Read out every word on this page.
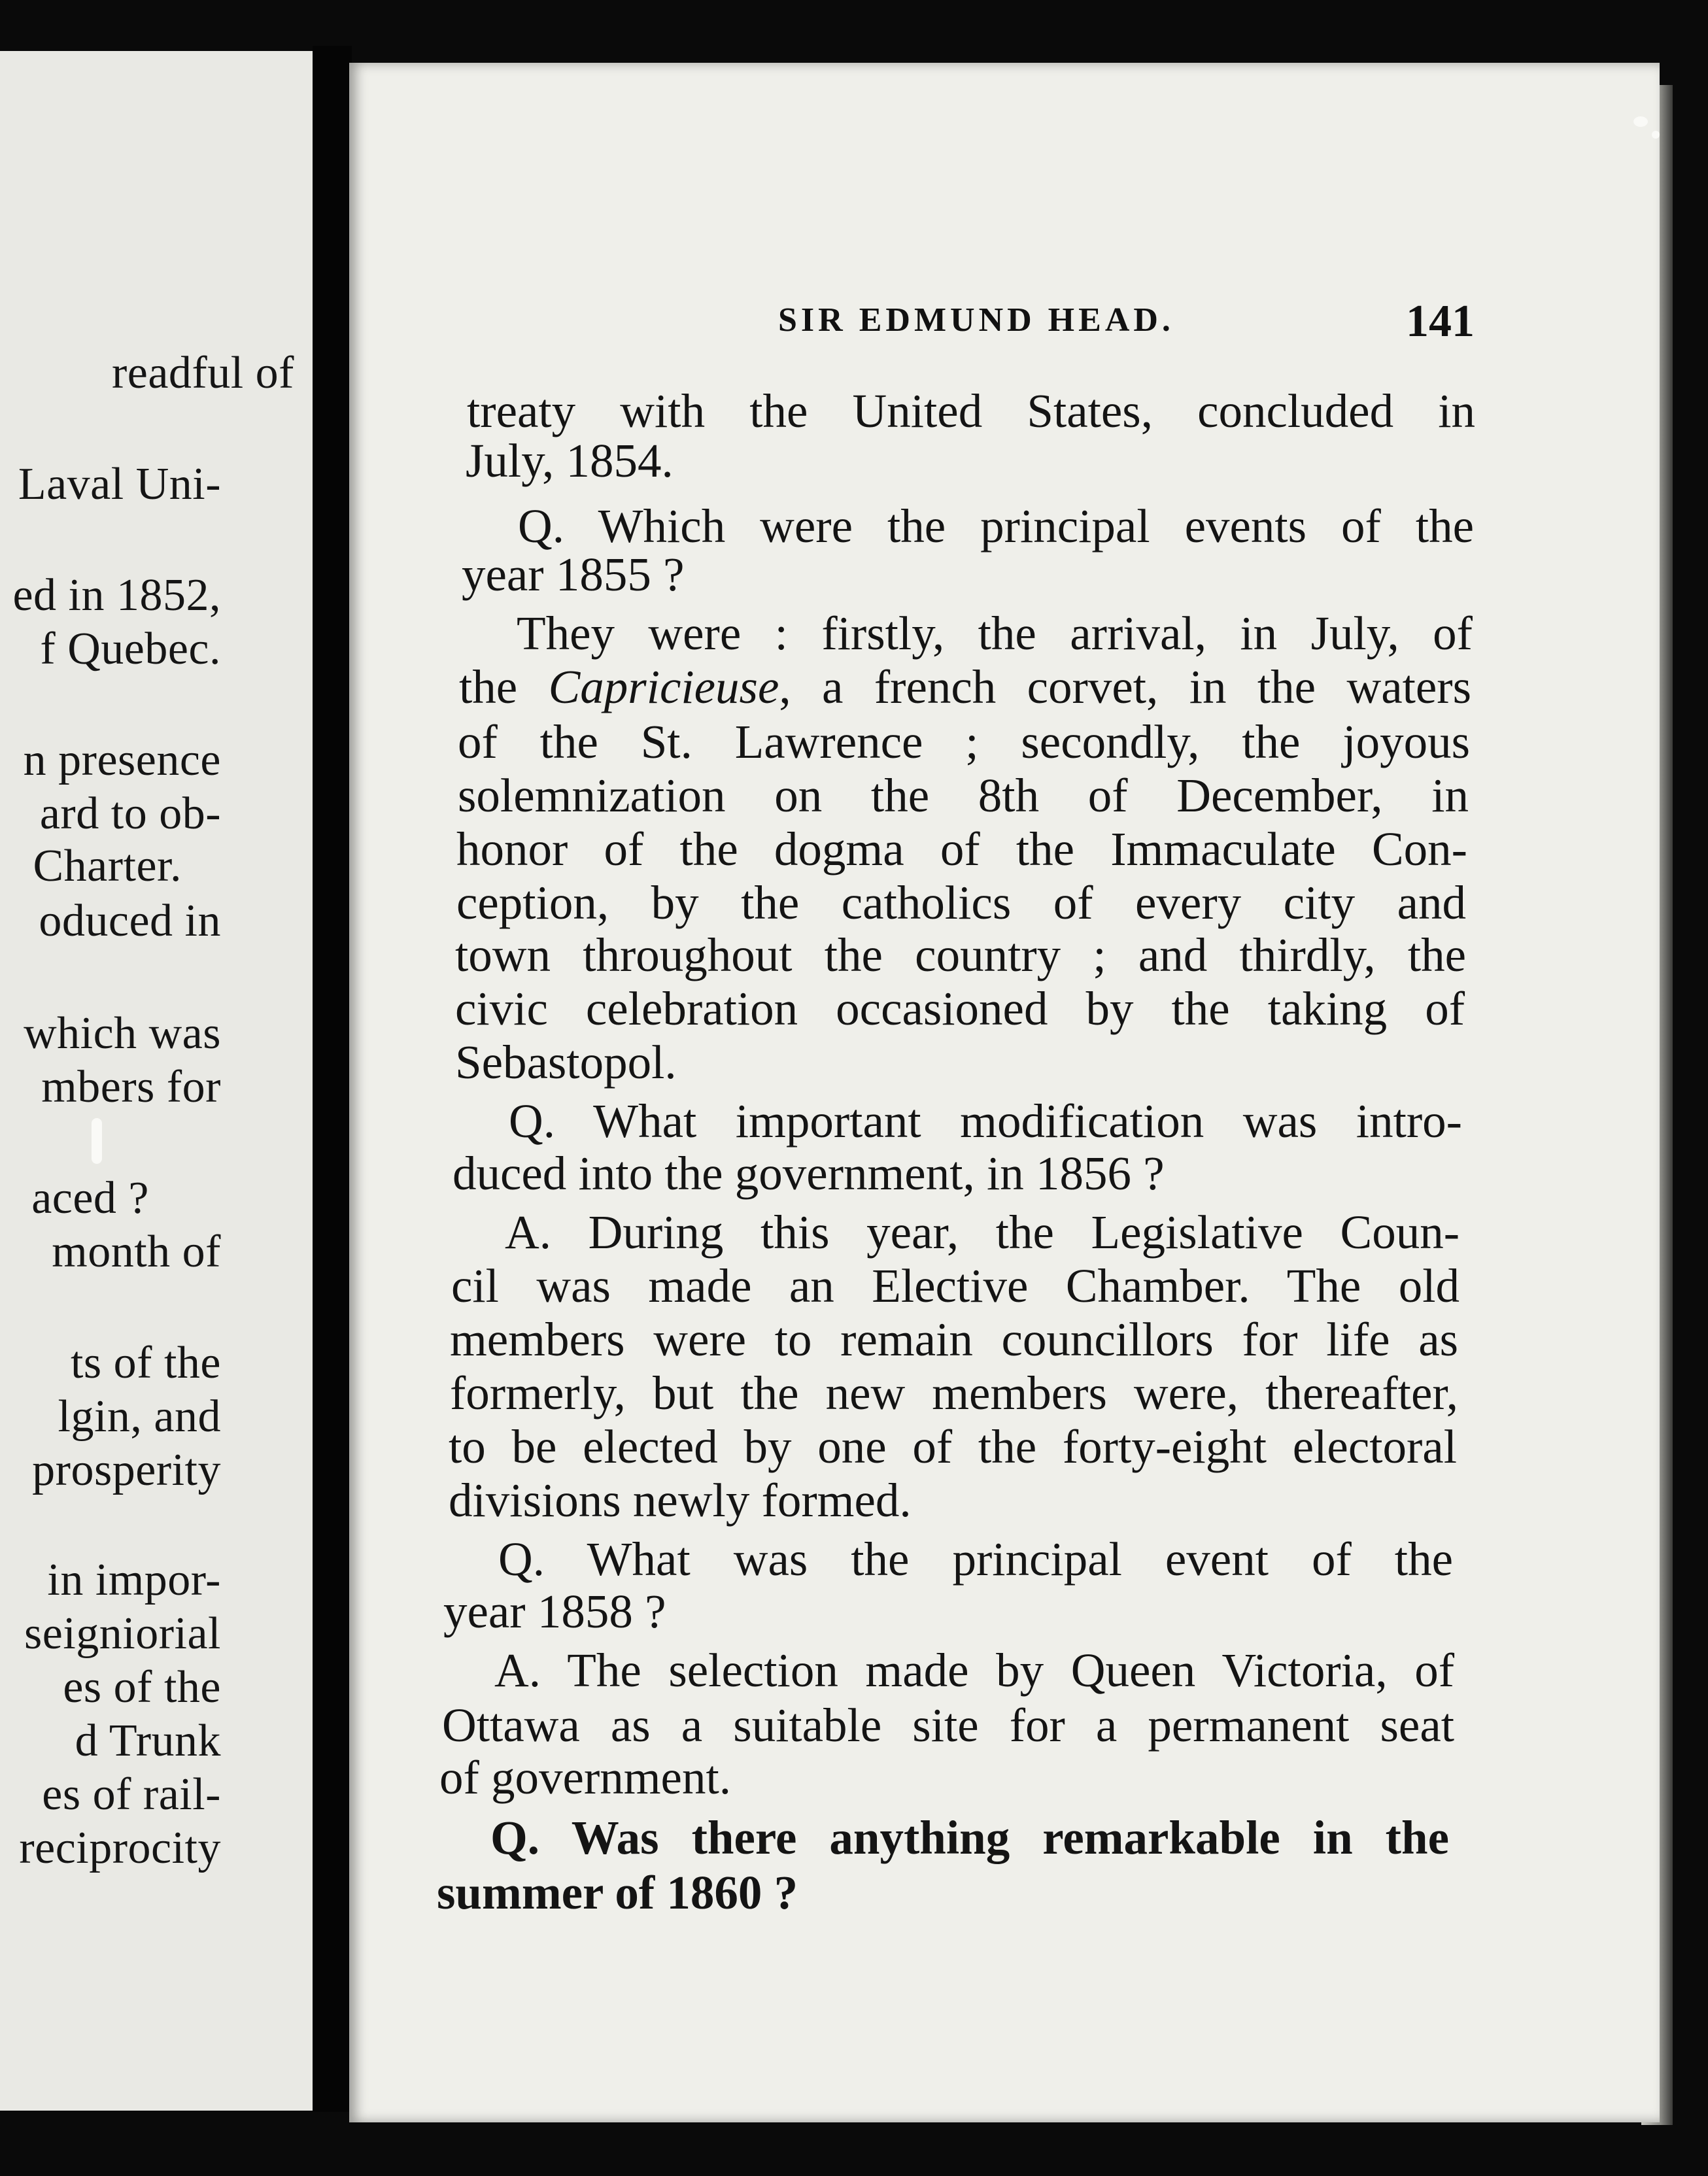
readful of
Laval Uni-
ed in 1852,
f Quebec.
n presence
ard to ob-
Charter.
oduced in
which was
mbers for
aced ?
month of
ts of the
lgin, and
prosperity
in impor-
seigniorial
es of the
d Trunk
es of rail-
reciprocity
SIR EDMUND HEAD.	141
treaty with the United States, concluded in
July, 1854.
Q. Which were the principal events of the
year 1855 ?
They were : firstly, the arrival, in July, of
the Capricieuse, a french corvet, in the waters
of the St. Lawrence ; secondly, the joyous
solemnization on the 8th of December, in
honor of the dogma of the Immaculate Con-
ception, by the catholics of every city and
town throughout the country ; and thirdly, the
civic celebration occasioned by the taking of
Sebastopol.
Q. What important modification was intro-
duced into the government, in 1856 ?
A. During this year, the Legislative Coun-
cil was made an Elective Chamber. The old
members were to remain councillors for life as
formerly, but the new members were, thereafter,
to be elected by one of the forty-eight electoral
divisions newly formed.
Q. What was the principal event of the
year 1858 ?
A. The selection made by Queen Victoria, of
Ottawa as a suitable site for a permanent seat
of government.
Q. Was there anything remarkable in the
summer of 1860 ?
